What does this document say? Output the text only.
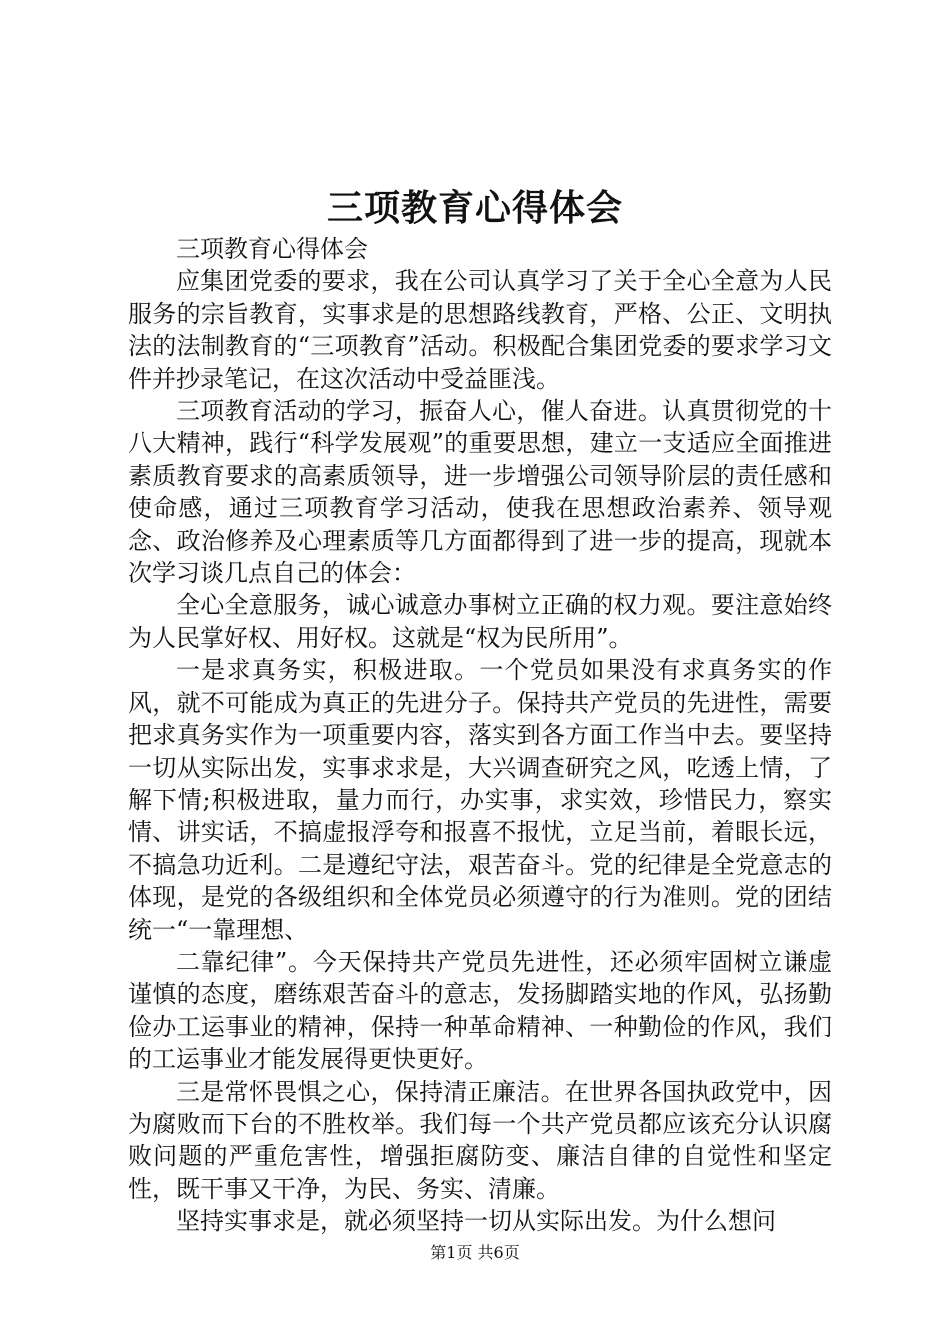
三项教育心得体会

三项教育心得体会

应集团党委的要求，我在公司认真学习了关于全心全意为人民服务的宗旨教育，实事求是的思想路线教育，严格、公正、文明执法的法制教育的“三项教育”活动。积极配合集团党委的要求学习文件并抄录笔记，在这次活动中受益匪浅。

三项教育活动的学习，振奋人心，催人奋进。认真贯彻党的十八大精神，践行“科学发展观”的重要思想，建立一支适应全面推进素质教育要求的高素质领导，进一步增强公司领导阶层的责任感和使命感，通过三项教育学习活动，使我在思想政治素养、领导观念、政治修养及心理素质等几方面都得到了进一步的提高，现就本次学习谈几点自己的体会：

全心全意服务，诚心诚意办事树立正确的权力观。要注意始终为人民掌好权、用好权。这就是“权为民所用”。

一是求真务实，积极进取。一个党员如果没有求真务实的作风，就不可能成为真正的先进分子。保持共产党员的先进性，需要把求真务实作为一项重要内容，落实到各方面工作当中去。要坚持一切从实际出发，实事求求是，大兴调查研究之风，吃透上情，了解下情;积极进取，量力而行，办实事，求实效，珍惜民力，察实情、讲实话，不搞虚报浮夸和报喜不报忧，立足当前，着眼长远，不搞急功近利。二是遵纪守法，艰苦奋斗。党的纪律是全党意志的体现，是党的各级组织和全体党员必须遵守的行为准则。党的团结统一“一靠理想、

二靠纪律”。今天保持共产党员先进性，还必须牢固树立谦虚谨慎的态度，磨练艰苦奋斗的意志，发扬脚踏实地的作风，弘扬勤俭办工运事业的精神，保持一种革命精神、一种勤俭的作风，我们的工运事业才能发展得更快更好。

三是常怀畏惧之心，保持清正廉洁。在世界各国执政党中，因为腐败而下台的不胜枚举。我们每一个共产党员都应该充分认识腐败问题的严重危害性，增强拒腐防变、廉洁自律的自觉性和坚定性，既干事又干净，为民、务实、清廉。

坚持实事求是，就必须坚持一切从实际出发。为什么想问

第1页 共6页
